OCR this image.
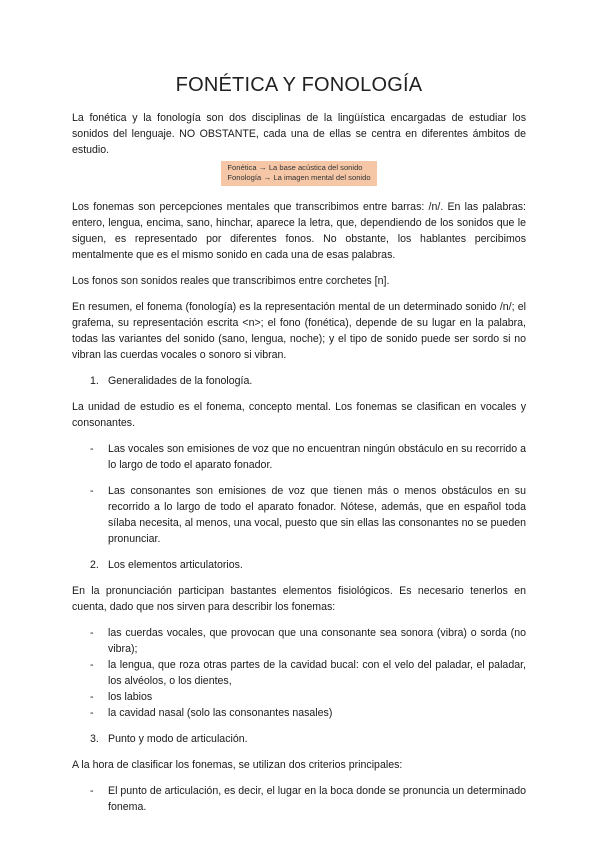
FONÉTICA Y FONOLOGÍA

La fonética y la fonología son dos disciplinas de la lingüística encargadas de estudiar los sonidos del lenguaje. NO OBSTANTE, cada una de ellas se centra en diferentes ámbitos de estudio.

Fonética → La base acústica del sonido
Fonología → La imagen mental del sonido

Los fonemas son percepciones mentales que transcribimos entre barras: /n/. En las palabras: entero, lengua, encima, sano, hinchar, aparece la letra, que, dependiendo de los sonidos que le siguen, es representado por diferentes fonos. No obstante, los hablantes percibimos mentalmente que es el mismo sonido en cada una de esas palabras.

Los fonos son sonidos reales que transcribimos entre corchetes [n].

En resumen, el fonema (fonología) es la representación mental de un determinado sonido /n/; el grafema, su representación escrita <n>; el fono (fonética), depende de su lugar en la palabra, todas las variantes del sonido (sano, lengua, noche); y el tipo de sonido puede ser sordo si no vibran las cuerdas vocales o sonoro si vibran.

1. Generalidades de la fonología.

La unidad de estudio es el fonema, concepto mental. Los fonemas se clasifican en vocales y consonantes.

- Las vocales son emisiones de voz que no encuentran ningún obstáculo en su recorrido a lo largo de todo el aparato fonador.
- Las consonantes son emisiones de voz que tienen más o menos obstáculos en su recorrido a lo largo de todo el aparato fonador. Nótese, además, que en español toda sílaba necesita, al menos, una vocal, puesto que sin ellas las consonantes no se pueden pronunciar.
2. Los elementos articulatorios.

En la pronunciación participan bastantes elementos fisiológicos. Es necesario tenerlos en cuenta, dado que nos sirven para describir los fonemas:

- las cuerdas vocales, que provocan que una consonante sea sonora (vibra) o sorda (no vibra);
- la lengua, que roza otras partes de la cavidad bucal: con el velo del paladar, el paladar, los alvéolos, o los dientes,
- los labios
- la cavidad nasal (solo las consonantes nasales)
3. Punto y modo de articulación.

A la hora de clasificar los fonemas, se utilizan dos criterios principales:

- El punto de articulación, es decir, el lugar en la boca donde se pronuncia un determinado fonema.
